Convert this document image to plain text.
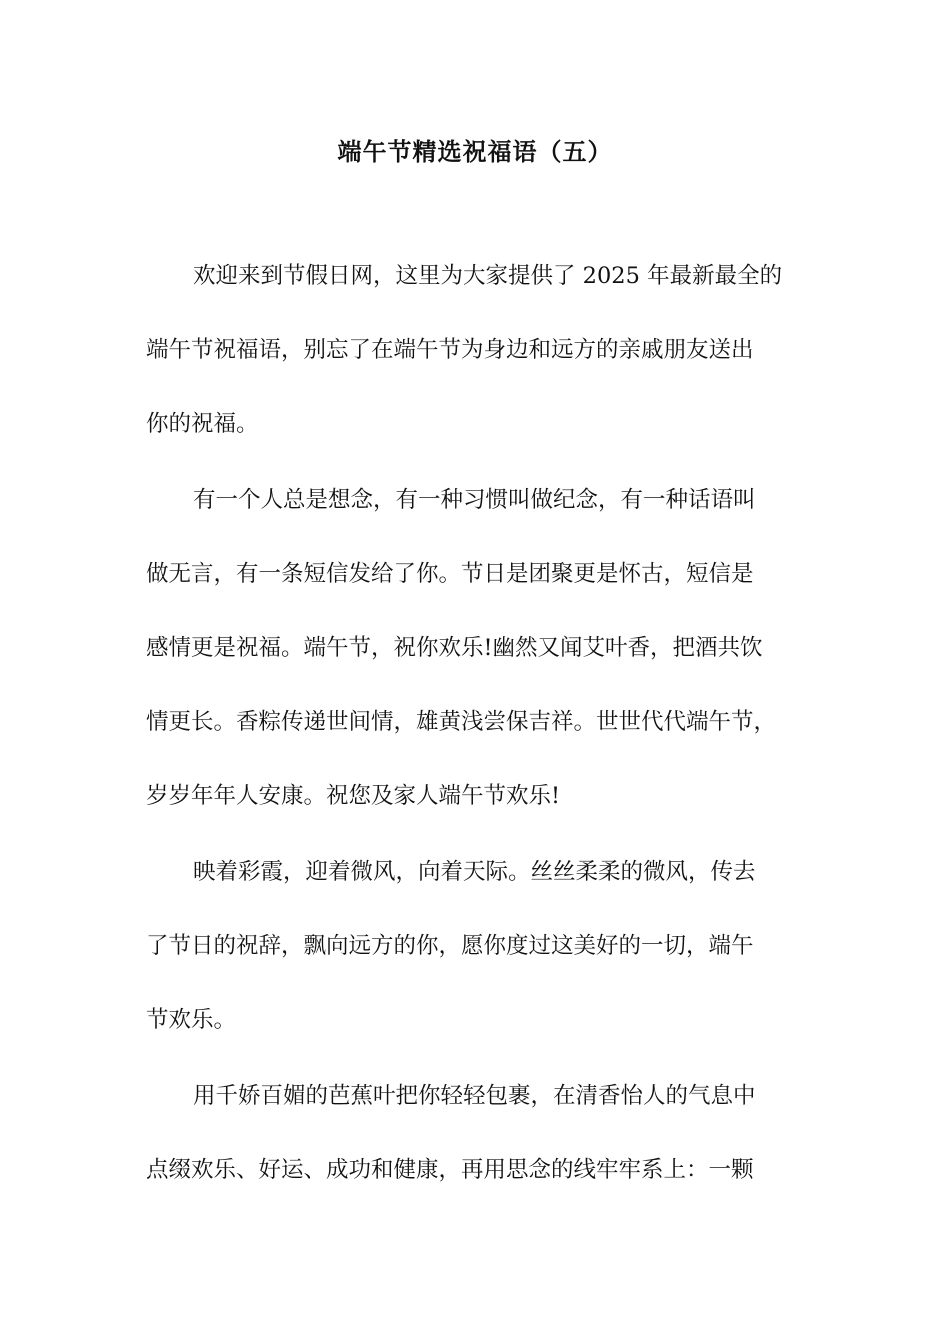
端午节精选祝福语（五）
欢迎来到节假日网，这里为大家提供了 2025 年最新最全的
端午节祝福语，别忘了在端午节为身边和远方的亲戚朋友送出
你的祝福。
有一个人总是想念，有一种习惯叫做纪念，有一种话语叫
做无言，有一条短信发给了你。节日是团聚更是怀古，短信是
感情更是祝福。端午节，祝你欢乐!幽然又闻艾叶香，把酒共饮
情更长。香粽传递世间情，雄黄浅尝保吉祥。世世代代端午节，
岁岁年年人安康。祝您及家人端午节欢乐!
映着彩霞，迎着微风，向着天际。丝丝柔柔的微风，传去
了节日的祝辞，飘向远方的你，愿你度过这美好的一切，端午
节欢乐。
用千娇百媚的芭蕉叶把你轻轻包裹，在清香怡人的气息中
点缀欢乐、好运、成功和健康，再用思念的线牢牢系上：一颗
